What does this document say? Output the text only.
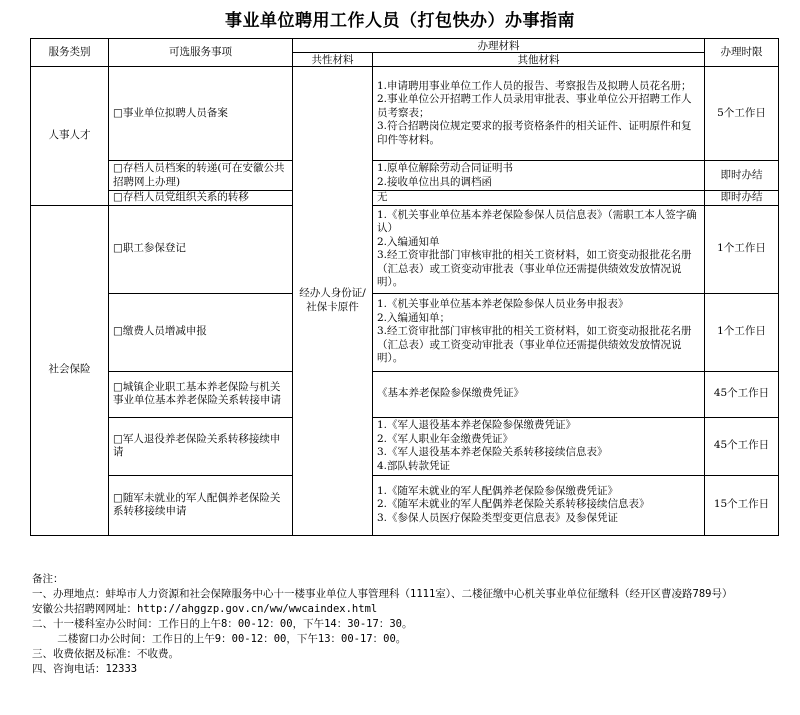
事业单位聘用工作人员（打包快办）办事指南
服务类别	可选服务事项	办理材料		办理时限
		共性材料	其他材料	
人事人才	□事业单位拟聘人员备案	经办人身份证/社保卡原件	1.申请聘用事业单位工作人员的报告、考察报告及拟聘人员花名册；
2.事业单位公开招聘工作人员录用审批表、事业单位公开招聘工作人员考察表；
3.符合招聘岗位规定要求的报考资格条件的相关证件、证明原件和复印件等材料。	5个工作日
	□存档人员档案的转递(可在安徽公共招聘网上办理)		1.原单位解除劳动合同证明书
2.接收单位出具的调档函	即时办结
	□存档人员党组织关系的转移		无	即时办结
社会保险	□职工参保登记		1.《机关事业单位基本养老保险参保人员信息表》（需职工本人签字确认）
2.入编通知单
3.经工资审批部门审核审批的相关工资材料，如工资变动报批花名册（汇总表）或工资变动审批表（事业单位还需提供绩效发放情况说明）。	1个工作日
	□缴费人员增减申报		1.《机关事业单位基本养老保险参保人员业务申报表》
2.入编通知单；
3.经工资审批部门审核审批的相关工资材料，如工资变动报批花名册（汇总表）或工资变动审批表（事业单位还需提供绩效发放情况说明）。	1个工作日
	□城镇企业职工基本养老保险与机关事业单位基本养老保险关系转接申请		《基本养老保险参保缴费凭证》	45个工作日
	□军人退役养老保险关系转移接续申请		1.《军人退役基本养老保险参保缴费凭证》
2.《军人职业年金缴费凭证》
3.《军人退役基本养老保险关系转移接续信息表》
4.部队转款凭证	45个工作日
	□随军未就业的军人配偶养老保险关系转移接续申请		1.《随军未就业的军人配偶养老保险参保缴费凭证》
2.《随军未就业的军人配偶养老保险关系转移接续信息表》
3.《参保人员医疗保险类型变更信息表》及参保凭证	15个工作日
备注：
一、办理地点：蚌埠市人力资源和社会保障服务中心十一楼事业单位人事管理科（1111室）、二楼征缴中心机关事业单位征缴科（经开区曹凌路789号）
安徽公共招聘网网址：http://ahggzp.gov.cn/ww/wwcaindex.html
二、十一楼科室办公时间：工作日的上午8：00-12：00，下午14：30-17：30。
二楼窗口办公时间：工作日的上午9：00-12：00，下午13：00-17：00。
三、收费依据及标准：不收费。
四、咨询电话：12333
